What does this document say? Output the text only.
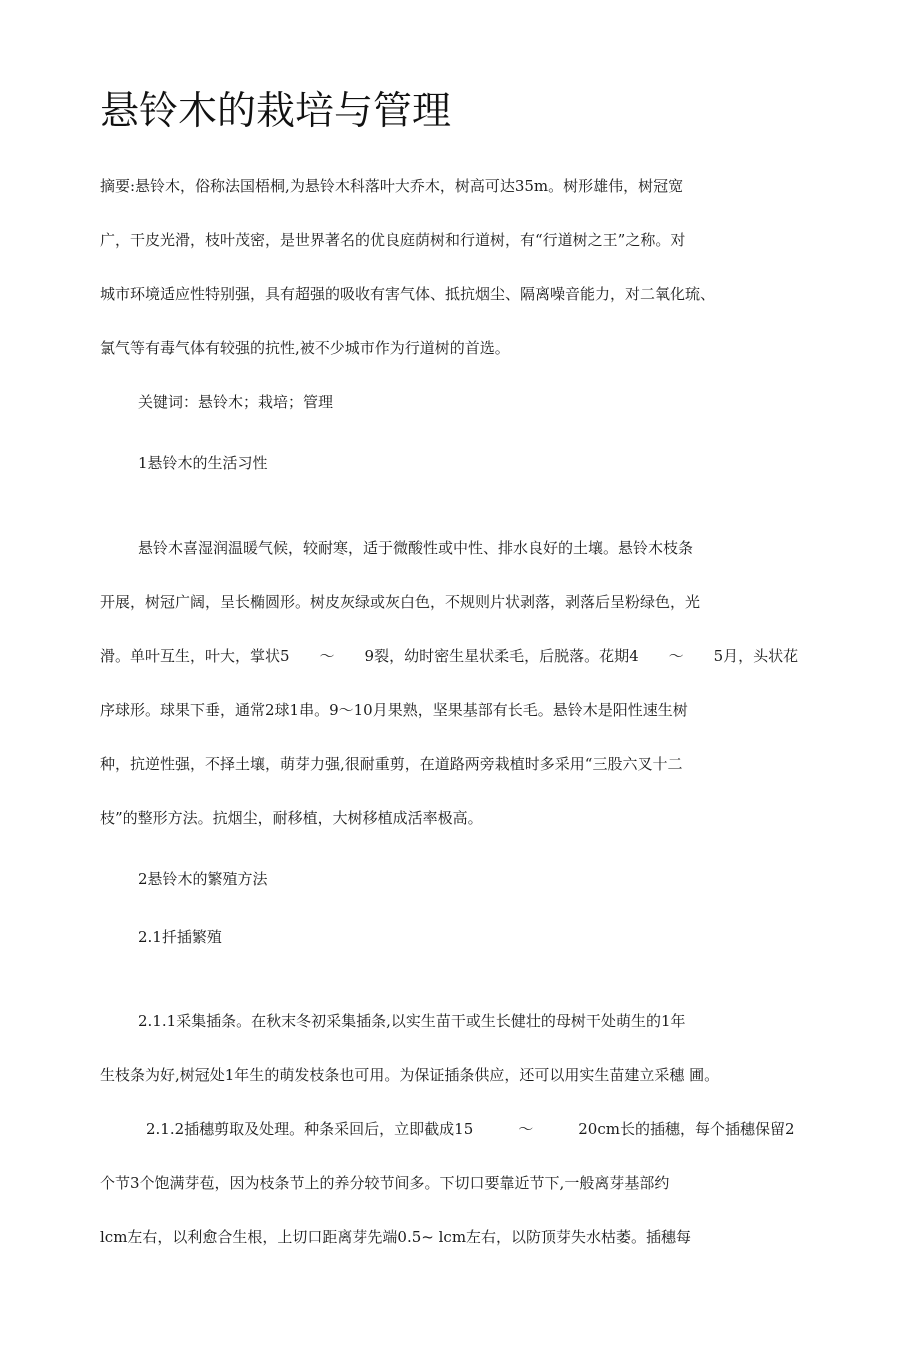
悬铃木的栽培与管理
摘要:悬铃木，俗称法国梧桐,为悬铃木科落叶大乔木，树高可达35m。树形雄伟，树冠宽
广，干皮光滑，枝叶茂密，是世界著名的优良庭荫树和行道树，有“行道树之王”之称。对
城市环境适应性特别强，具有超强的吸收有害气体、抵抗烟尘、隔离噪音能力，对二氧化琉、
氯气等有毒气体有较强的抗性,被不少城市作为行道树的首选。
关键词：悬铃木；栽培；管理
1悬铃木的生活习性
悬铃木喜湿润温暖气候，较耐寒，适于微酸性或中性、排水良好的土壤。悬铃木枝条
开展，树冠广阔，呈长椭圆形。树皮灰绿或灰白色，不规则片状剥落，剥落后呈粉绿色，光
滑。单叶互生，叶大，掌状5　　～　　9裂，幼时密生星状柔毛，后脱落。花期4　　～　　5月，头状花
序球形。球果下垂，通常2球1串。9～10月果熟，坚果基部有长毛。悬铃木是阳性速生树
种，抗逆性强，不择土壤，萌芽力强,很耐重剪，在道路两旁栽植时多采用“三股六叉十二
枝”的整形方法。抗烟尘，耐移植，大树移植成活率极高。
2悬铃木的繁殖方法
2.1扦插繁殖
2.1.1采集插条。在秋末冬初采集插条,以实生苗干或生长健壮的母树干处萌生的1年
生枝条为好,树冠处1年生的萌发枝条也可用。为保证插条供应，还可以用实生苗建立采穗 圃。
2.1.2插穗剪取及处理。种条采回后，立即截成15　　　～　　　20cm长的插穗，每个插穗保留2
个节3个饱满芽苞，因为枝条节上的养分较节间多。下切口要靠近节下,一般离芽基部约
lcm左右，以利愈合生根，上切口距离芽先端0.5~ lcm左右，以防顶芽失水枯萎。插穗每
